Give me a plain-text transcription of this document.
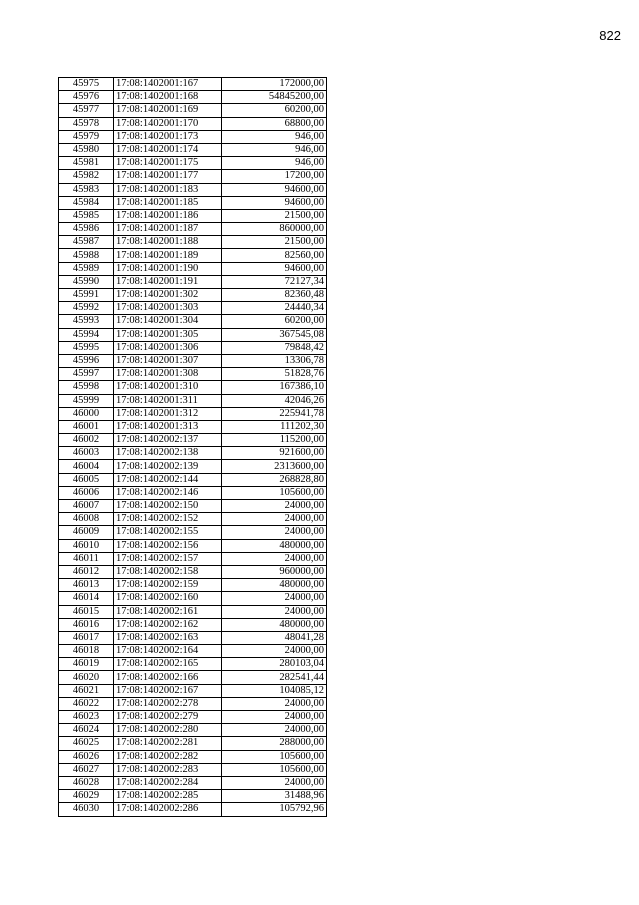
822
45975	17:08:1402001:167	172000,00
45976	17:08:1402001:168	54845200,00
45977	17:08:1402001:169	60200,00
45978	17:08:1402001:170	68800,00
45979	17:08:1402001:173	946,00
45980	17:08:1402001:174	946,00
45981	17:08:1402001:175	946,00
45982	17:08:1402001:177	17200,00
45983	17:08:1402001:183	94600,00
45984	17:08:1402001:185	94600,00
45985	17:08:1402001:186	21500,00
45986	17:08:1402001:187	860000,00
45987	17:08:1402001:188	21500,00
45988	17:08:1402001:189	82560,00
45989	17:08:1402001:190	94600,00
45990	17:08:1402001:191	72127,34
45991	17:08:1402001:302	82360,48
45992	17:08:1402001:303	24440,34
45993	17:08:1402001:304	60200,00
45994	17:08:1402001:305	367545,08
45995	17:08:1402001:306	79848,42
45996	17:08:1402001:307	13306,78
45997	17:08:1402001:308	51828,76
45998	17:08:1402001:310	167386,10
45999	17:08:1402001:311	42046,26
46000	17:08:1402001:312	225941,78
46001	17:08:1402001:313	111202,30
46002	17:08:1402002:137	115200,00
46003	17:08:1402002:138	921600,00
46004	17:08:1402002:139	2313600,00
46005	17:08:1402002:144	268828,80
46006	17:08:1402002:146	105600,00
46007	17:08:1402002:150	24000,00
46008	17:08:1402002:152	24000,00
46009	17:08:1402002:155	24000,00
46010	17:08:1402002:156	480000,00
46011	17:08:1402002:157	24000,00
46012	17:08:1402002:158	960000,00
46013	17:08:1402002:159	480000,00
46014	17:08:1402002:160	24000,00
46015	17:08:1402002:161	24000,00
46016	17:08:1402002:162	480000,00
46017	17:08:1402002:163	48041,28
46018	17:08:1402002:164	24000,00
46019	17:08:1402002:165	280103,04
46020	17:08:1402002:166	282541,44
46021	17:08:1402002:167	104085,12
46022	17:08:1402002:278	24000,00
46023	17:08:1402002:279	24000,00
46024	17:08:1402002:280	24000,00
46025	17:08:1402002:281	288000,00
46026	17:08:1402002:282	105600,00
46027	17:08:1402002:283	105600,00
46028	17:08:1402002:284	24000,00
46029	17:08:1402002:285	31488,96
46030	17:08:1402002:286	105792,96
